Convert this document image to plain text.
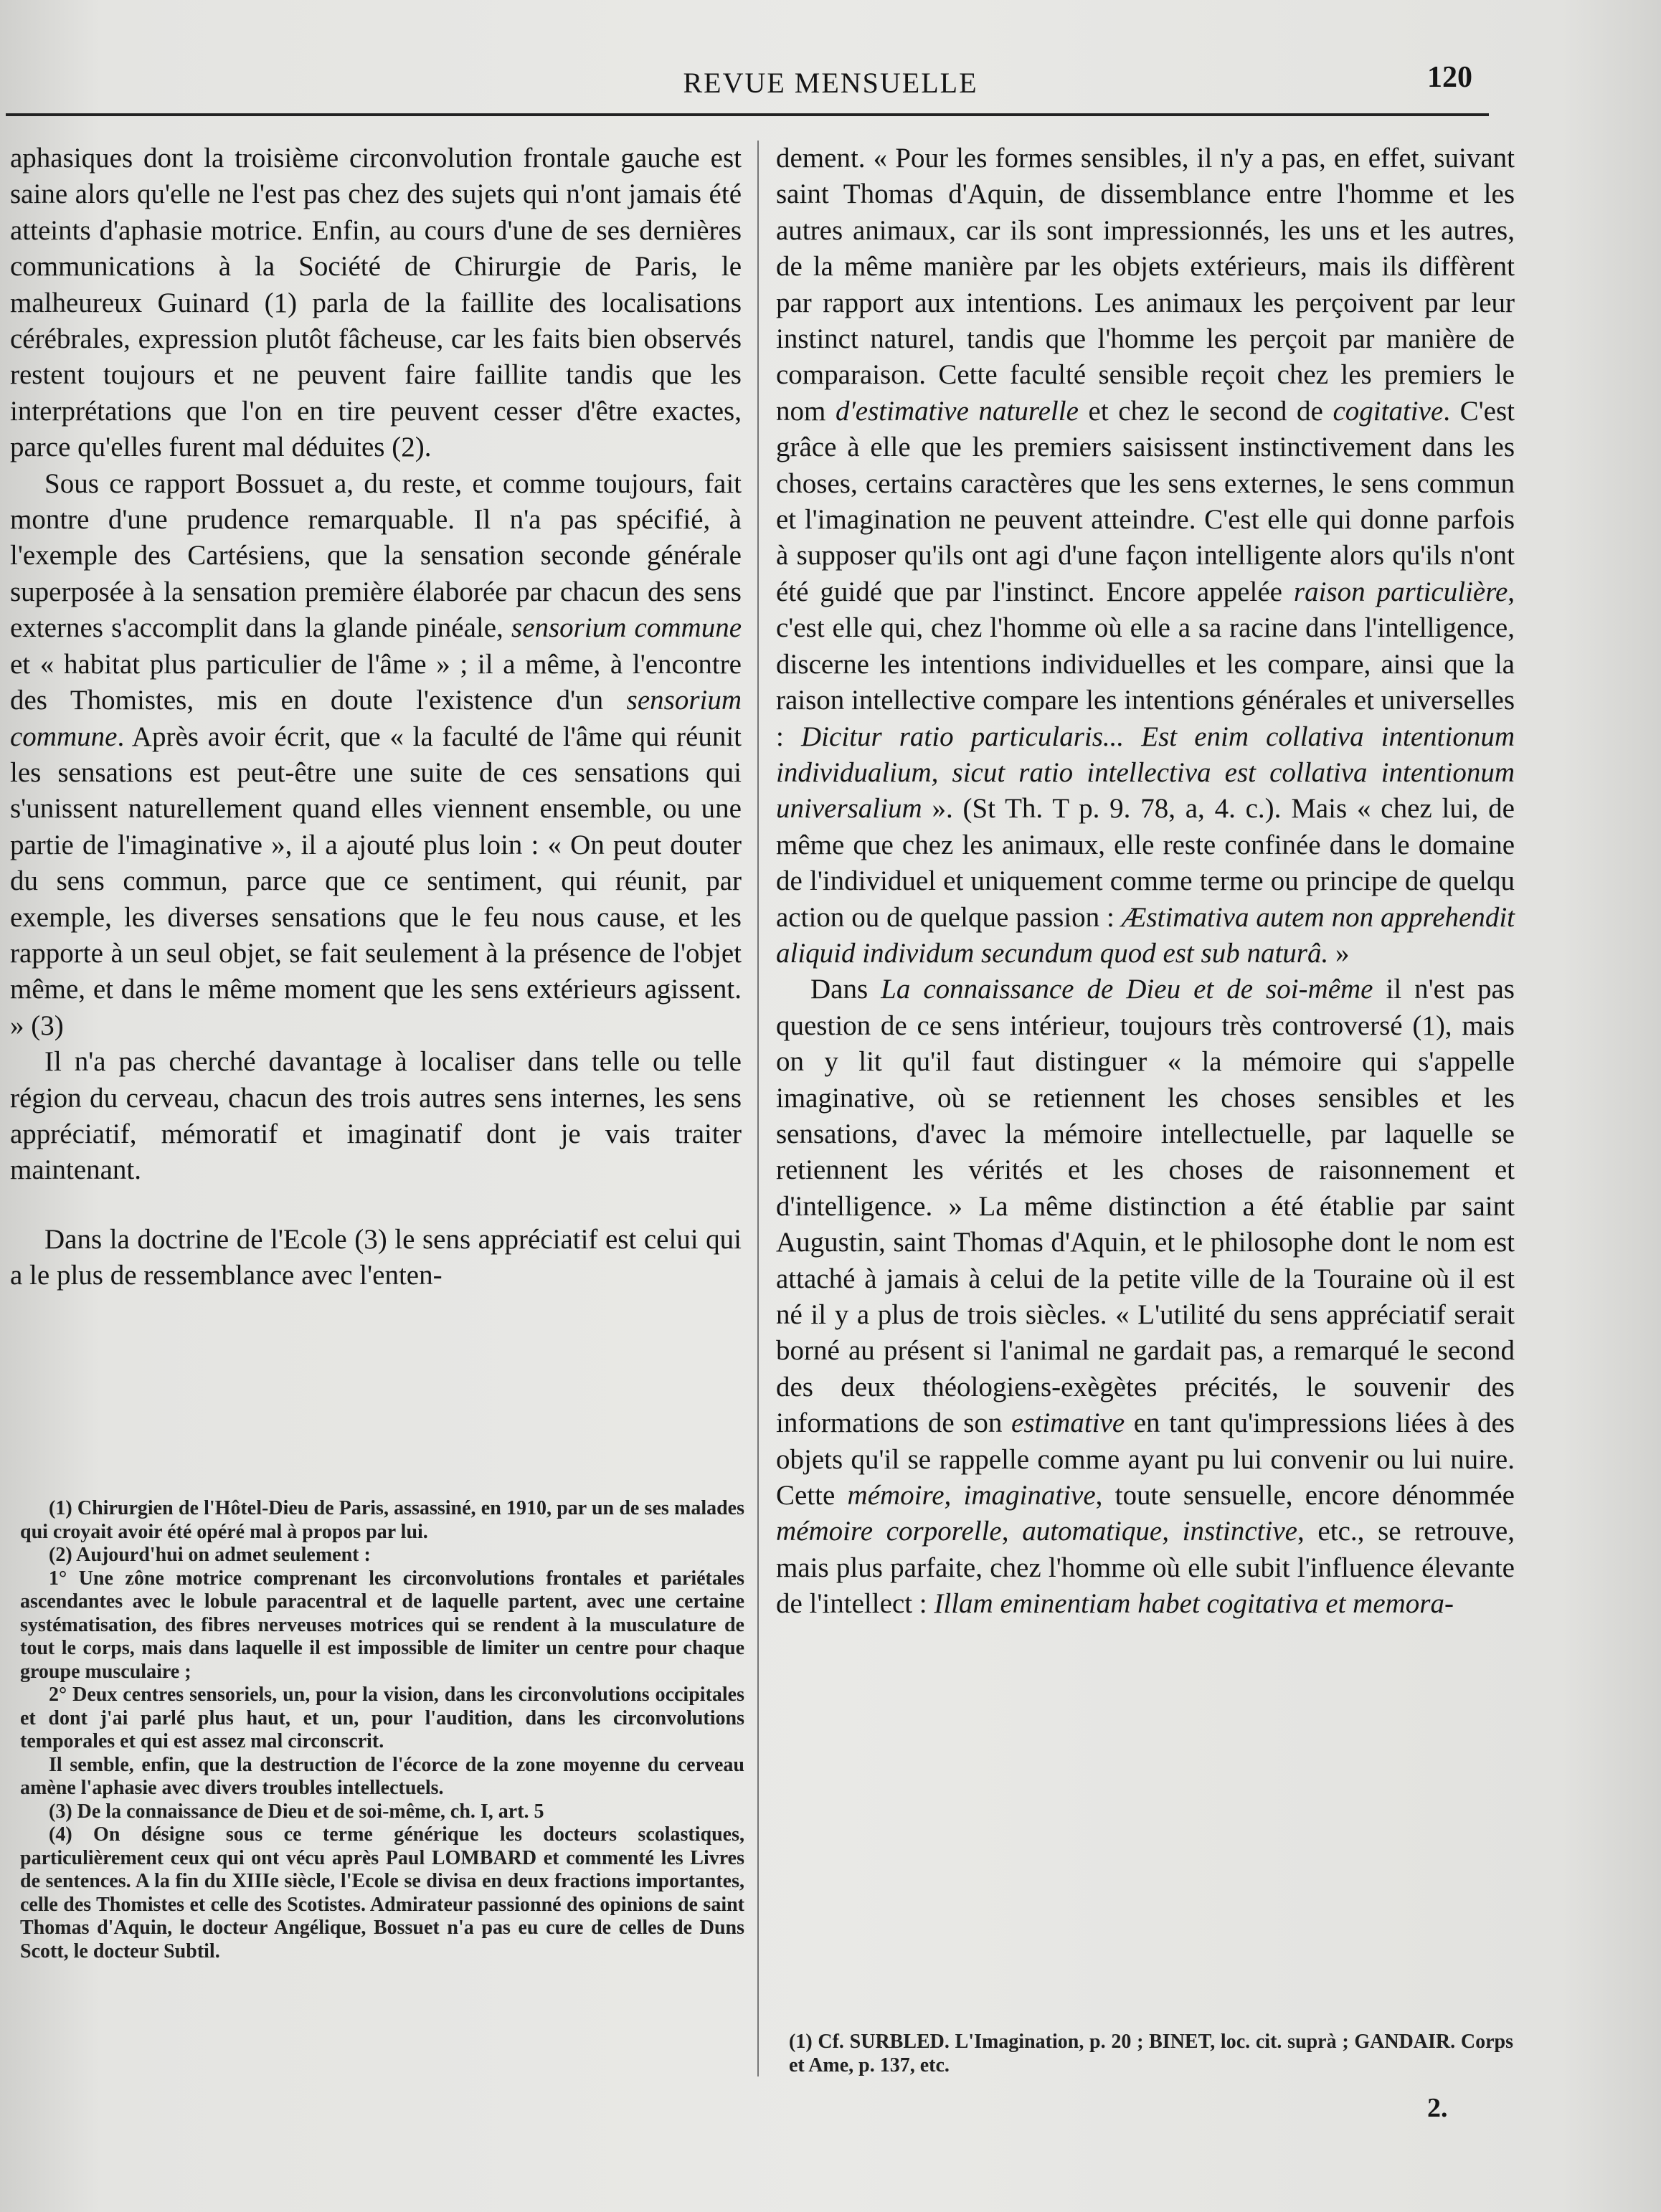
REVUE MENSUELLE	120

aphasiques dont la troisième circonvolution frontale gauche est saine alors qu'elle ne l'est pas chez des sujets qui n'ont jamais été atteints d'aphasie motrice. Enfin, au cours d'une de ses dernières communications à la Société de Chirurgie de Paris, le malheureux Guinard (1) parla de la faillite des localisations cérébrales, expression plutôt fâcheuse, car les faits bien observés restent toujours et ne peuvent faire faillite tandis que les interprétations que l'on en tire peuvent cesser d'être exactes, parce qu'elles furent mal déduites (2).

Sous ce rapport Bossuet a, du reste, et comme toujours, fait montre d'une prudence remarquable. Il n'a pas spécifié, à l'exemple des Cartésiens, que la sensation seconde générale superposée à la sensation première élaborée par chacun des sens externes s'accomplit dans la glande pinéale, sensorium commune et « habitat plus particulier de l'âme » ; il a même, à l'encontre des Thomistes, mis en doute l'existence d'un sensorium commune. Après avoir écrit, que « la faculté de l'âme qui réunit les sensations est peut-être une suite de ces sensations qui s'unissent naturellement quand elles viennent ensemble, ou une partie de l'imaginative », il a ajouté plus loin : « On peut douter du sens commun, parce que ce sentiment, qui réunit, par exemple, les diverses sensations que le feu nous cause, et les rapporte à un seul objet, se fait seulement à la présence de l'objet même, et dans le même moment que les sens extérieurs agissent. » (3)

Il n'a pas cherché davantage à localiser dans telle ou telle région du cerveau, chacun des trois autres sens internes, les sens appréciatif, mémoratif et imaginatif dont je vais traiter maintenant.

Dans la doctrine de l'Ecole (3) le sens appréciatif est celui qui a le plus de ressemblance avec l'enten-

(1) Chirurgien de l'Hôtel-Dieu de Paris, assassiné, en 1910, par un de ses malades qui croyait avoir été opéré mal à propos par lui.

(2) Aujourd'hui on admet seulement :

1° Une zône motrice comprenant les circonvolutions frontales et pariétales ascendantes avec le lobule paracentral et de laquelle partent, avec une certaine systématisation, des fibres nerveuses motrices qui se rendent à la musculature de tout le corps, mais dans laquelle il est impossible de limiter un centre pour chaque groupe musculaire ;

2° Deux centres sensoriels, un, pour la vision, dans les circonvolutions occipitales et dont j'ai parlé plus haut, et un, pour l'audition, dans les circonvolutions temporales et qui est assez mal circonscrit.

Il semble, enfin, que la destruction de l'écorce de la zone moyenne du cerveau amène l'aphasie avec divers troubles intellectuels.

(3) De la connaissance de Dieu et de soi-même, ch. I, art. 5

(4) On désigne sous ce terme générique les docteurs scolastiques, particulièrement ceux qui ont vécu après Paul LOMBARD et commenté les Livres de sentences. A la fin du XIIIe siècle, l'Ecole se divisa en deux fractions importantes, celle des Thomistes et celle des Scotistes. Admirateur passionné des opinions de saint Thomas d'Aquin, le docteur Angélique, Bossuet n'a pas eu cure de celles de Duns Scott, le docteur Subtil.

dement. « Pour les formes sensibles, il n'y a pas, en effet, suivant saint Thomas d'Aquin, de dissemblance entre l'homme et les autres animaux, car ils sont impressionnés, les uns et les autres, de la même manière par les objets extérieurs, mais ils diffèrent par rapport aux intentions. Les animaux les perçoivent par leur instinct naturel, tandis que l'homme les perçoit par manière de comparaison. Cette faculté sensible reçoit chez les premiers le nom d'estimative naturelle et chez le second de cogitative. C'est grâce à elle que les premiers saisissent instinctivement dans les choses, certains caractères que les sens externes, le sens commun et l'imagination ne peuvent atteindre. C'est elle qui donne parfois à supposer qu'ils ont agi d'une façon intelligente alors qu'ils n'ont été guidé que par l'instinct. Encore appelée raison particulière, c'est elle qui, chez l'homme où elle a sa racine dans l'intelligence, discerne les intentions individuelles et les compare, ainsi que la raison intellective compare les intentions générales et universelles : Dicitur ratio particularis... Est enim collativa intentionum individualium, sicut ratio intellectiva est collativa intentionum universalium ». (St Th. T p. 9. 78, a, 4. c.). Mais « chez lui, de même que chez les animaux, elle reste confinée dans le domaine de l'individuel et uniquement comme terme ou principe de quelqu action ou de quelque passion : Æstimativa autem non apprehendit aliquid individum secundum quod est sub naturâ. »

Dans La connaissance de Dieu et de soi-même il n'est pas question de ce sens intérieur, toujours très controversé (1), mais on y lit qu'il faut distinguer « la mémoire qui s'appelle imaginative, où se retiennent les choses sensibles et les sensations, d'avec la mémoire intellectuelle, par laquelle se retiennent les vérités et les choses de raisonnement et d'intelligence. » La même distinction a été établie par saint Augustin, saint Thomas d'Aquin, et le philosophe dont le nom est attaché à jamais à celui de la petite ville de la Touraine où il est né il y a plus de trois siècles. « L'utilité du sens appréciatif serait borné au présent si l'animal ne gardait pas, a remarqué le second des deux théologiens-exègètes précités, le souvenir des informations de son estimative en tant qu'impressions liées à des objets qu'il se rappelle comme ayant pu lui convenir ou lui nuire. Cette mémoire, imaginative, toute sensuelle, encore dénommée mémoire corporelle, automatique, instinctive, etc., se retrouve, mais plus parfaite, chez l'homme où elle subit l'influence élevante de l'intellect : Illam eminentiam habet cogitativa et memora-

(1) Cf. SURBLED. L'Imagination, p. 20 ; BINET, loc. cit. suprà ; GANDAIR. Corps et Ame, p. 137, etc.

2.
